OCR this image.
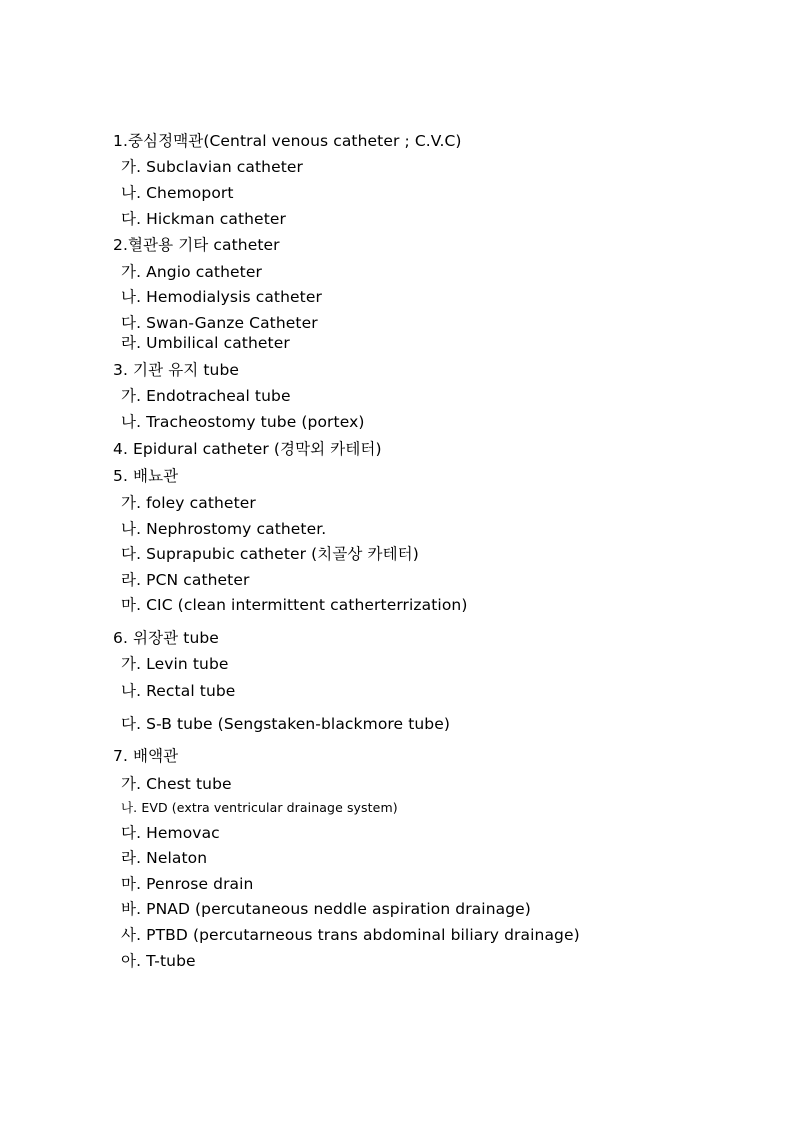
1.중심정맥관(Central venous catheter ; C.V.C)
가. Subclavian catheter
나. Chemoport
다. Hickman catheter
2.혈관용 기타 catheter
가. Angio catheter
나. Hemodialysis catheter
다. Swan-Ganze Catheter
라. Umbilical catheter
3. 기관 유지 tube
가. Endotracheal tube
나. Tracheostomy tube (portex)
4. Epidural catheter (경막외 카테터)
5. 배뇨관
가. foley catheter
나. Nephrostomy catheter.
다. Suprapubic catheter (치골상 카테터)
라. PCN catheter
마. CIC (clean intermittent catherterrization)
6. 위장관 tube
가. Levin tube
나. Rectal tube
다. S-B tube (Sengstaken-blackmore tube)
7. 배액관
가. Chest tube
나. EVD (extra ventricular drainage system)
다. Hemovac
라. Nelaton
마. Penrose drain
바. PNAD (percutaneous neddle aspiration drainage)
사. PTBD (percutarneous trans abdominal biliary drainage)
아. T-tube
